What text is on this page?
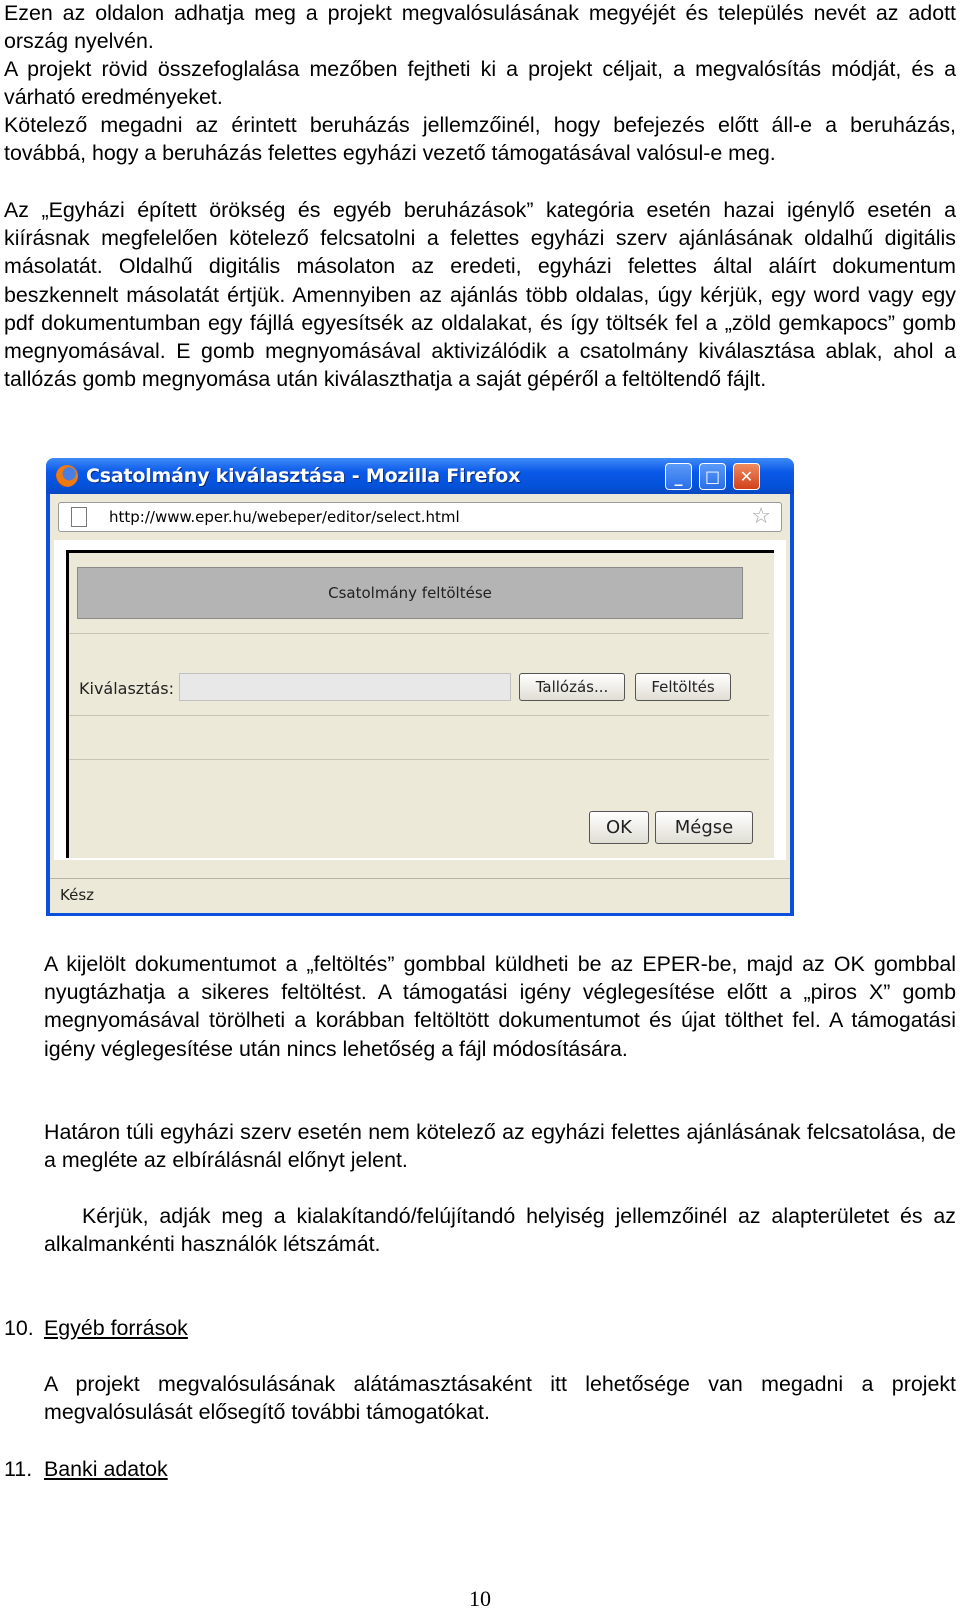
Ezen az oldalon adhatja meg a projekt megvalósulásának megyéjét és település nevét az adott ország nyelvén.
A projekt rövid összefoglalása mezőben fejtheti ki a projekt céljait, a megvalósítás módját, és a várható eredményeket.
Kötelező megadni az érintett beruházás jellemzőinél, hogy befejezés előtt áll-e a beruházás, továbbá, hogy a beruházás felettes egyházi vezető támogatásával valósul-e meg.
Az „Egyházi épített örökség és egyéb beruházások” kategória esetén hazai igénylő esetén a kiírásnak megfelelően kötelező felcsatolni a felettes egyházi szerv ajánlásának oldalhű digitális másolatát. Oldalhű digitális másolaton az eredeti, egyházi felettes által aláírt dokumentum beszkennelt másolatát értjük. Amennyiben az ajánlás több oldalas, úgy kérjük, egy word vagy egy pdf dokumentumban egy fájllá egyesítsék az oldalakat, és így töltsék fel a „zöld gemkapocs” gomb megnyomásával. E gomb megnyomásával aktivizálódik a csatolmány kiválasztása ablak, ahol a tallózás gomb megnyomása után kiválaszthatja a saját gépéről a feltöltendő fájlt.
Csatolmány kiválasztása - Mozilla Firefox	_	□	✕
http://www.eper.hu/webeper/editor/select.html	☆
Csatolmány feltöltése
Kiválasztás:	Tallózás...	Feltöltés
OK	Mégse
Kész
A kijelölt dokumentumot a „feltöltés” gombbal küldheti be az EPER-be, majd az OK gombbal nyugtázhatja a sikeres feltöltést. A támogatási igény véglegesítése előtt a „piros X” gomb megnyomásával törölheti a korábban feltöltött dokumentumot és újat tölthet fel. A támogatási igény véglegesítése után nincs lehetőség a fájl módosítására.
Határon túli egyházi szerv esetén nem kötelező az egyházi felettes ajánlásának felcsatolása, de a megléte az elbírálásnál előnyt jelent.
Kérjük, adják meg a kialakítandó/felújítandó helyiség jellemzőinél az alapterületet és az alkalmankénti használók létszámát.
10. Egyéb források
A projekt megvalósulásának alátámasztásaként itt lehetősége van megadni a projekt megvalósulását elősegítő további támogatókat.
11. Banki adatok
10
